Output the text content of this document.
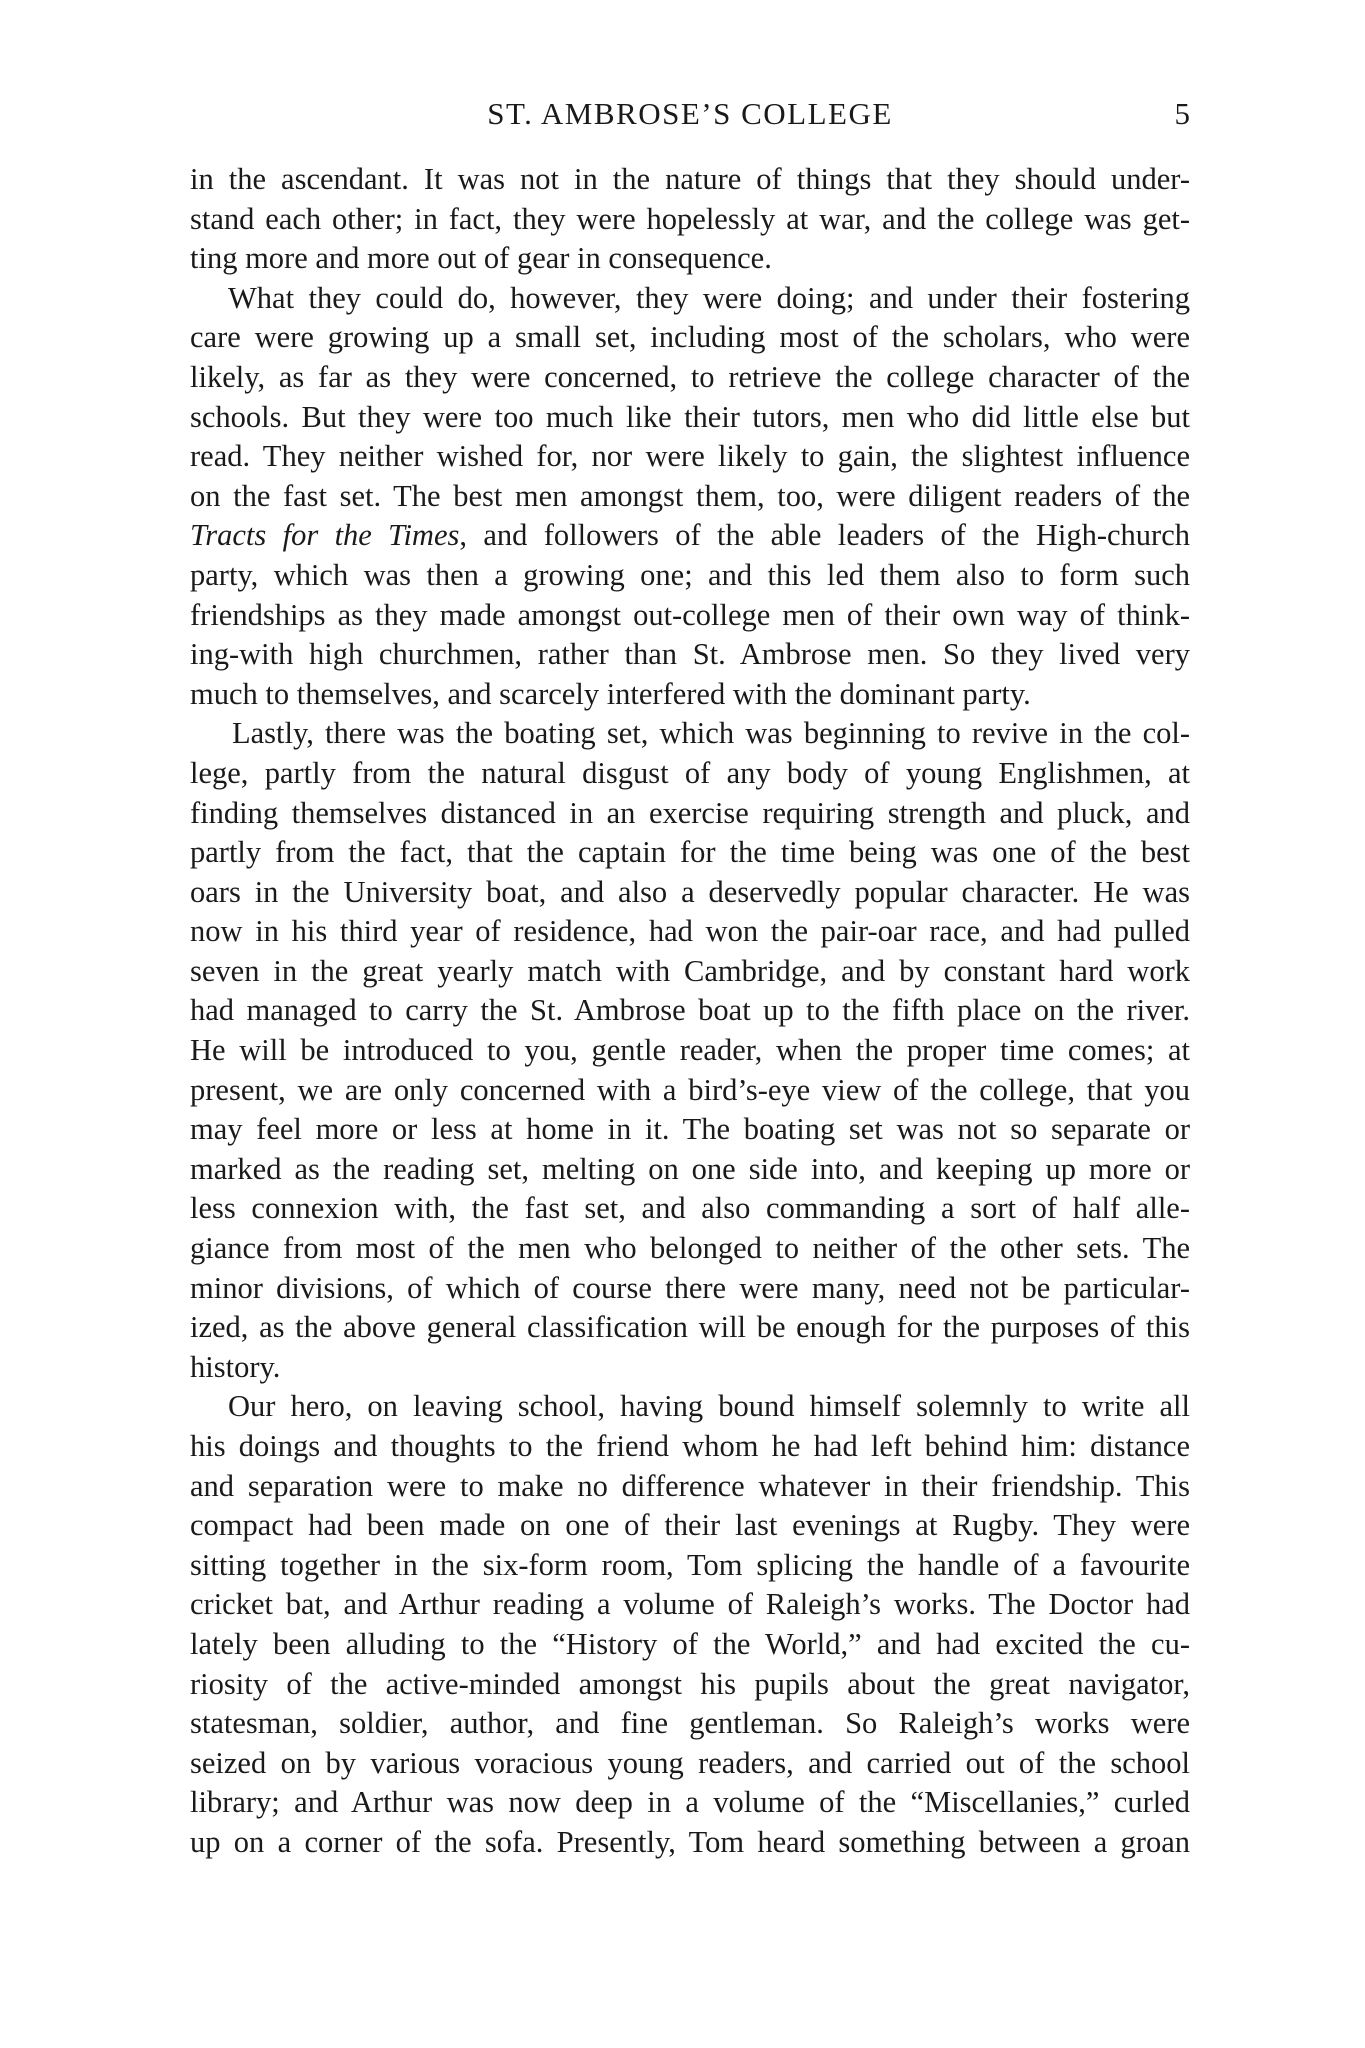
ST. AMBROSE’S COLLEGE	5

in the ascendant. It was not in the nature of things that they should under-
stand each other; in fact, they were hopelessly at war, and the college was get-
ting more and more out of gear in consequence.

What they could do, however, they were doing; and under their fostering
care were growing up a small set, including most of the scholars, who were
likely, as far as they were concerned, to retrieve the college character of the
schools. But they were too much like their tutors, men who did little else but
read. They neither wished for, nor were likely to gain, the slightest influence
on the fast set. The best men amongst them, too, were diligent readers of the
Tracts for the Times, and followers of the able leaders of the High-church
party, which was then a growing one; and this led them also to form such
friendships as they made amongst out-college men of their own way of think-
ing-with high churchmen, rather than St. Ambrose men. So they lived very
much to themselves, and scarcely interfered with the dominant party.

Lastly, there was the boating set, which was beginning to revive in the col-
lege, partly from the natural disgust of any body of young Englishmen, at
finding themselves distanced in an exercise requiring strength and pluck, and
partly from the fact, that the captain for the time being was one of the best
oars in the University boat, and also a deservedly popular character. He was
now in his third year of residence, had won the pair-oar race, and had pulled
seven in the great yearly match with Cambridge, and by constant hard work
had managed to carry the St. Ambrose boat up to the fifth place on the river.
He will be introduced to you, gentle reader, when the proper time comes; at
present, we are only concerned with a bird’s-eye view of the college, that you
may feel more or less at home in it. The boating set was not so separate or
marked as the reading set, melting on one side into, and keeping up more or
less connexion with, the fast set, and also commanding a sort of half alle-
giance from most of the men who belonged to neither of the other sets. The
minor divisions, of which of course there were many, need not be particular-
ized, as the above general classification will be enough for the purposes of this
history.

Our hero, on leaving school, having bound himself solemnly to write all
his doings and thoughts to the friend whom he had left behind him: distance
and separation were to make no difference whatever in their friendship. This
compact had been made on one of their last evenings at Rugby. They were
sitting together in the six-form room, Tom splicing the handle of a favourite
cricket bat, and Arthur reading a volume of Raleigh’s works. The Doctor had
lately been alluding to the “History of the World,” and had excited the cu-
riosity of the active-minded amongst his pupils about the great navigator,
statesman, soldier, author, and fine gentleman. So Raleigh’s works were
seized on by various voracious young readers, and carried out of the school
library; and Arthur was now deep in a volume of the “Miscellanies,” curled
up on a corner of the sofa. Presently, Tom heard something between a groan
